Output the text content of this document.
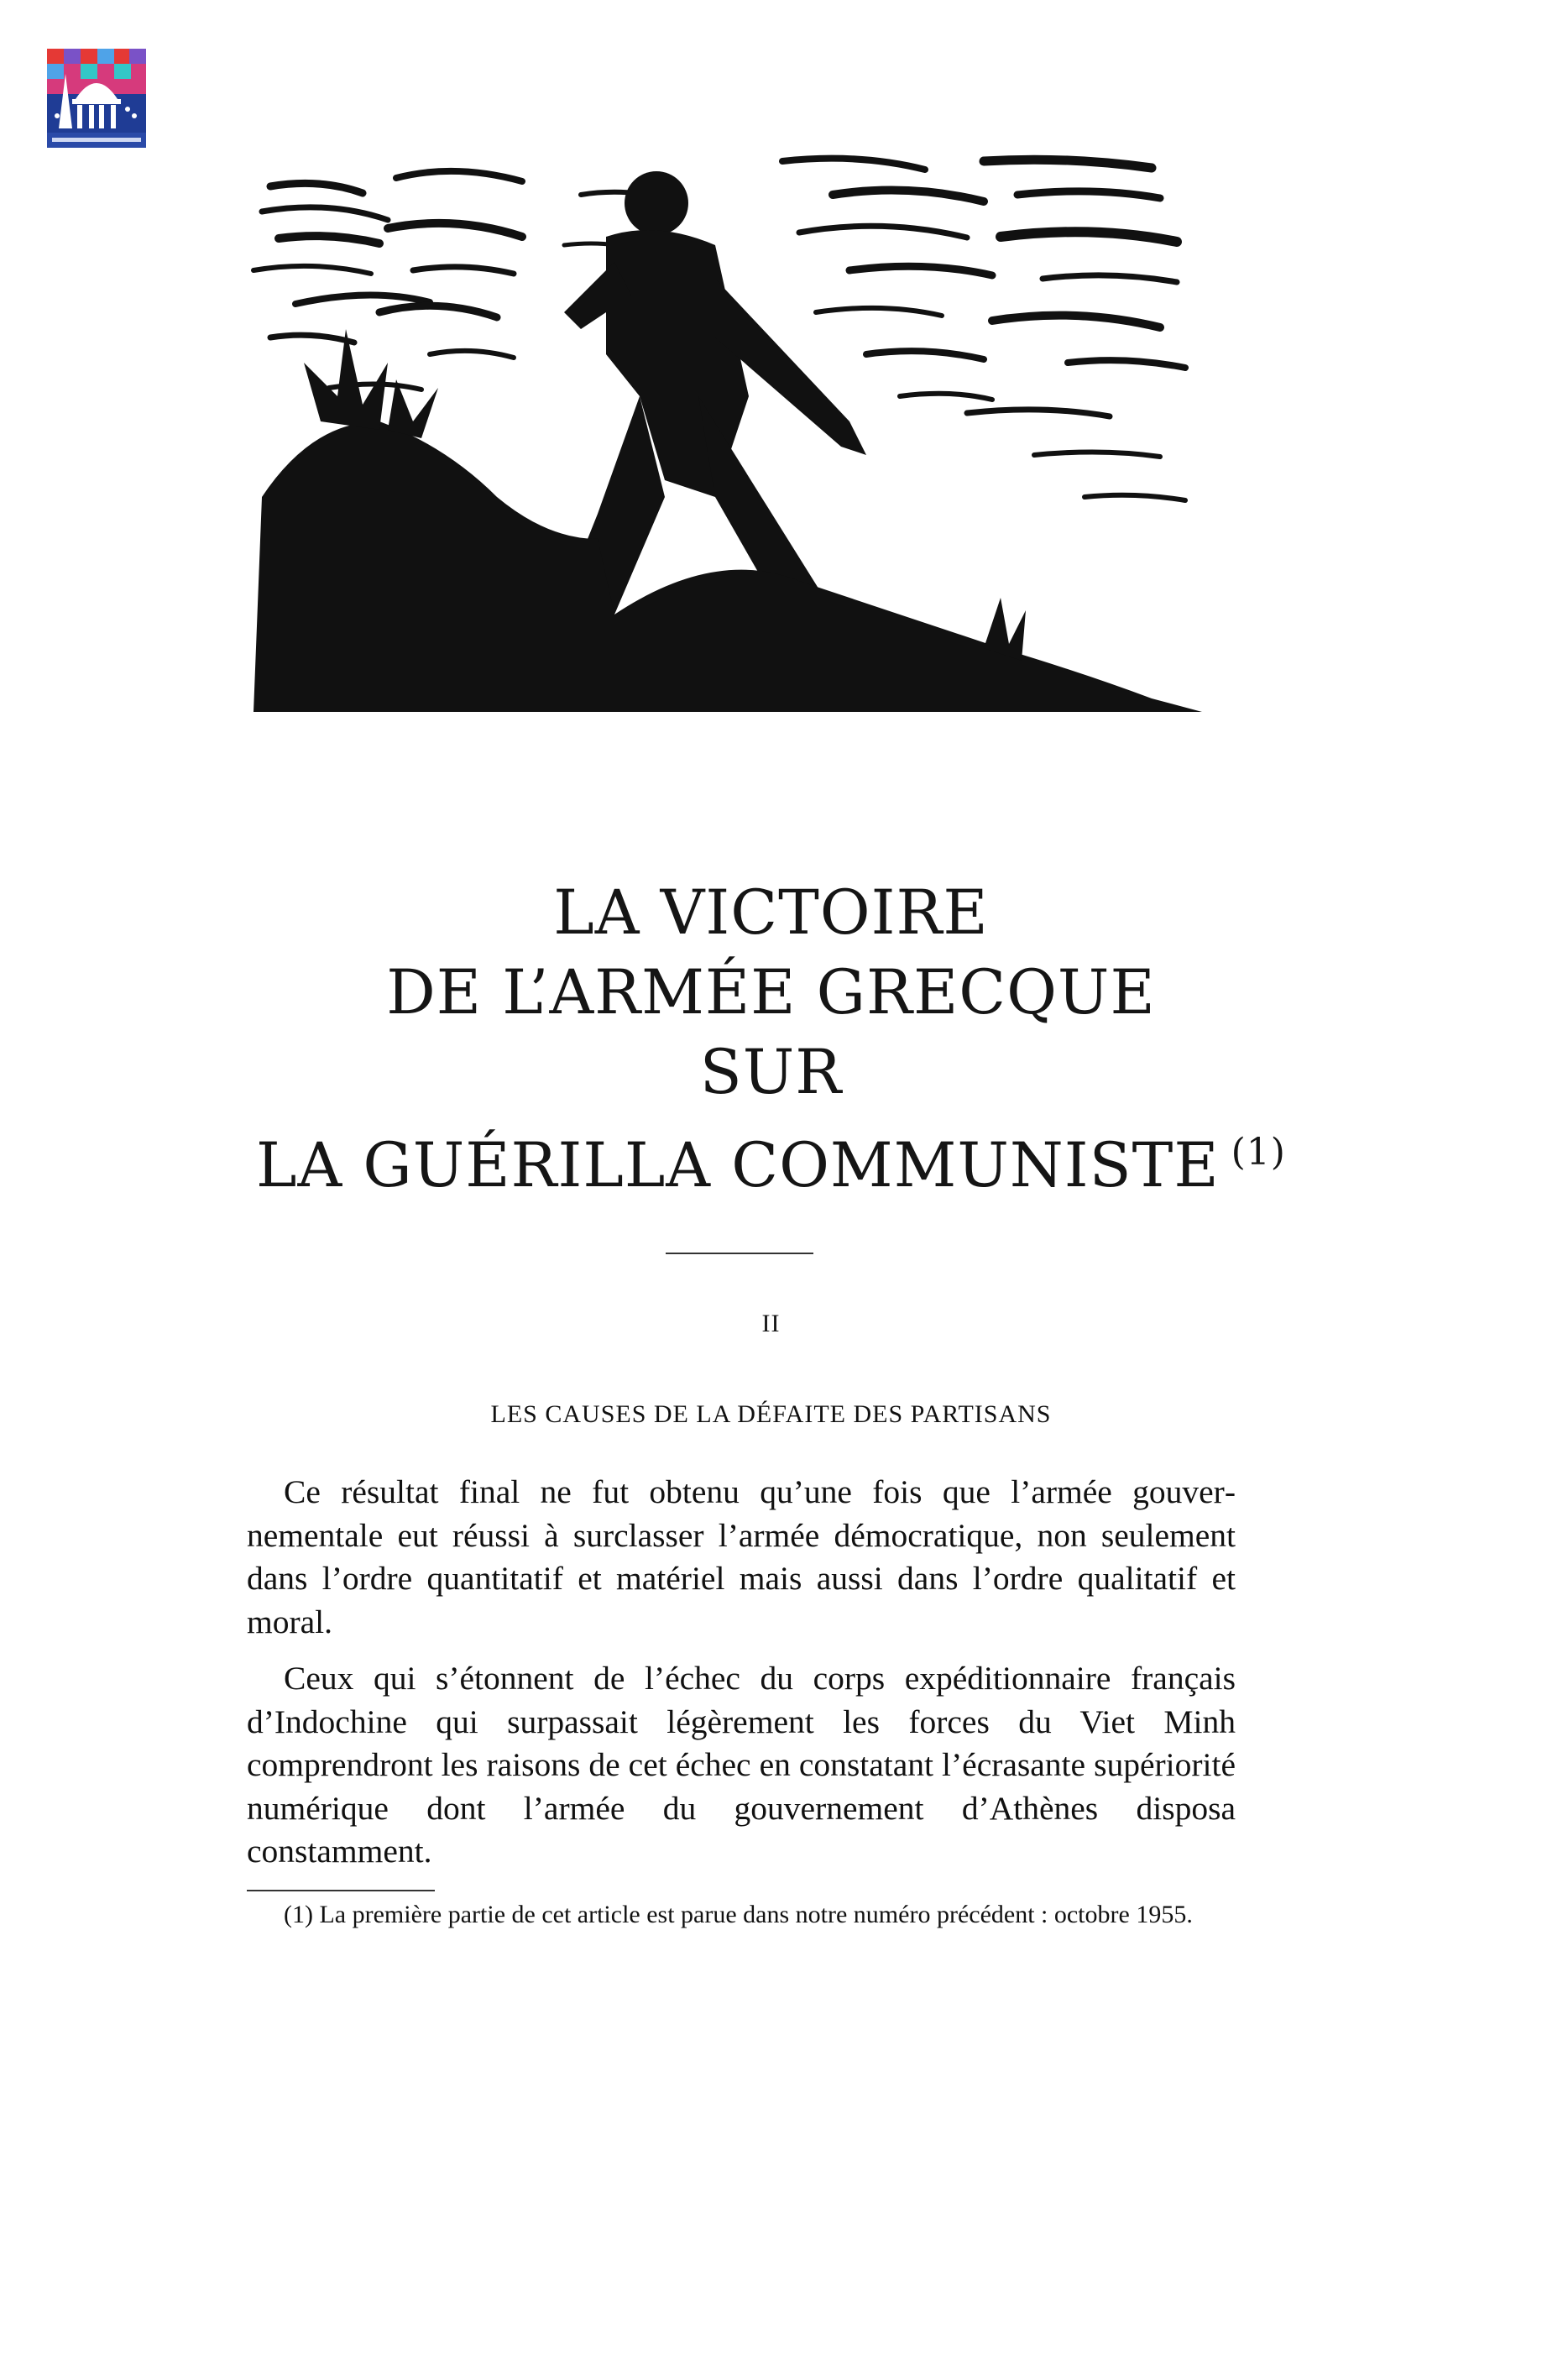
LA VICTOIRE
DE L’ARMÉE GRECQUE
SUR
LA GUÉRILLA COMMUNISTE $^{(1)}$
II
LES CAUSES DE LA DÉFAITE DES PARTISANS

Ce résultat final ne fut obtenu qu’une fois que l’armée gouvernementale eut réussi à surclasser l’armée démocratique, non seulement dans l’ordre quantitatif et matériel mais aussi dans l’ordre qualitatif et moral.

Ceux qui s’étonnent de l’échec du corps expéditionnaire français d’Indochine qui surpassait légèrement les forces du Viet Minh comprendront les raisons de cet échec en constatant l’écrasante supériorité numérique dont l’armée du gouvernement d’Athènes disposa constamment.

(1) La première partie de cet article est parue dans notre numéro précédent : octobre 1955.
